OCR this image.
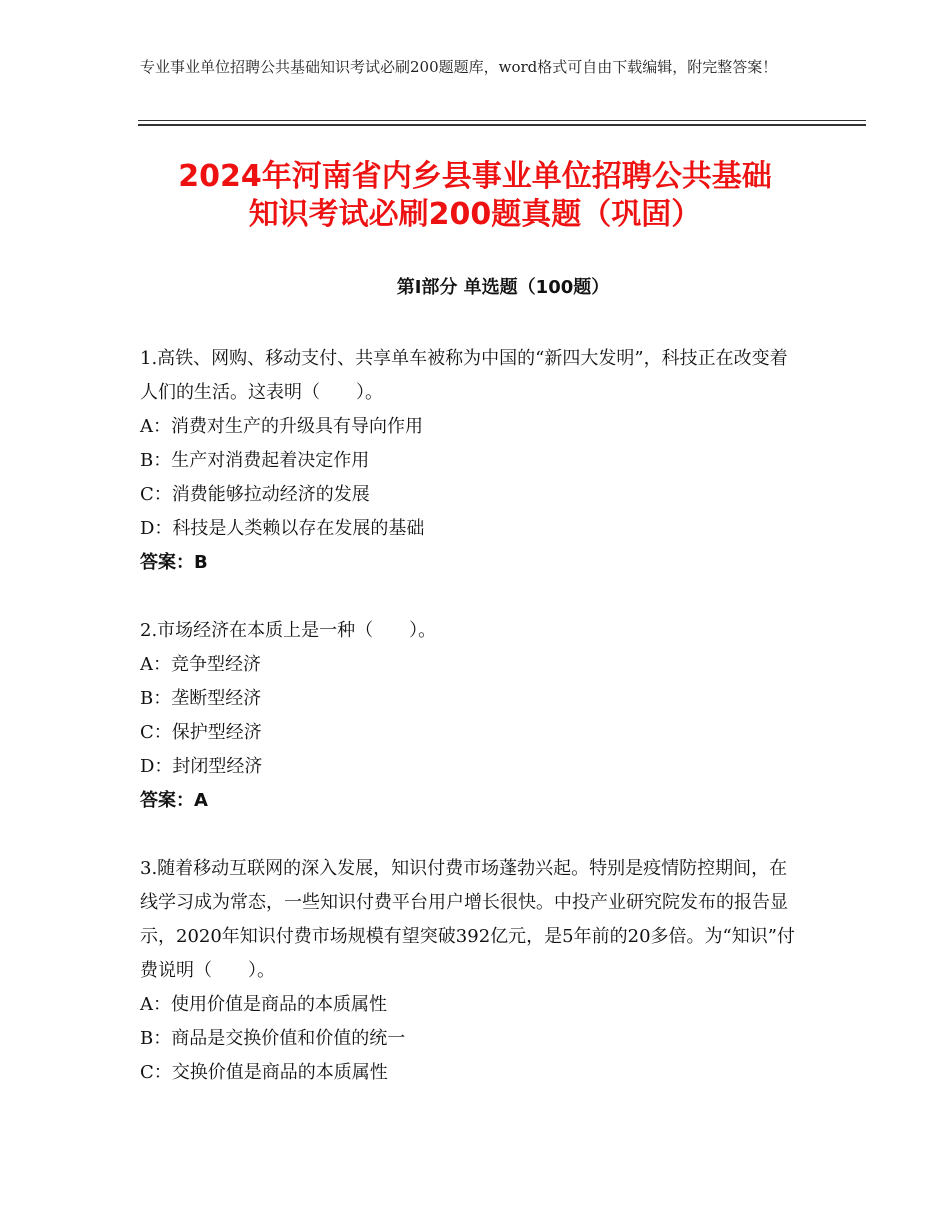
专业事业单位招聘公共基础知识考试必刷200题题库，word格式可自由下载编辑，附完整答案！
2024年河南省内乡县事业单位招聘公共基础
知识考试必刷200题真题（巩固）
第Ⅰ部分 单选题（100题）

1.高铁、网购、移动支付、共享单车被称为中国的“新四大发明”，科技正在改变着人们的生活。这表明（　　）。

A：消费对生产的升级具有导向作用

B：生产对消费起着决定作用

C：消费能够拉动经济的发展

D：科技是人类赖以存在发展的基础

答案：B

2.市场经济在本质上是一种（　　）。

A：竞争型经济

B：垄断型经济

C：保护型经济

D：封闭型经济

答案：A

3.随着移动互联网的深入发展，知识付费市场蓬勃兴起。特别是疫情防控期间，在线学习成为常态，一些知识付费平台用户增长很快。中投产业研究院发布的报告显示，2020年知识付费市场规模有望突破392亿元，是5年前的20多倍。为“知识”付费说明（　　）。

A：使用价值是商品的本质属性

B：商品是交换价值和价值的统一

C：交换价值是商品的本质属性
